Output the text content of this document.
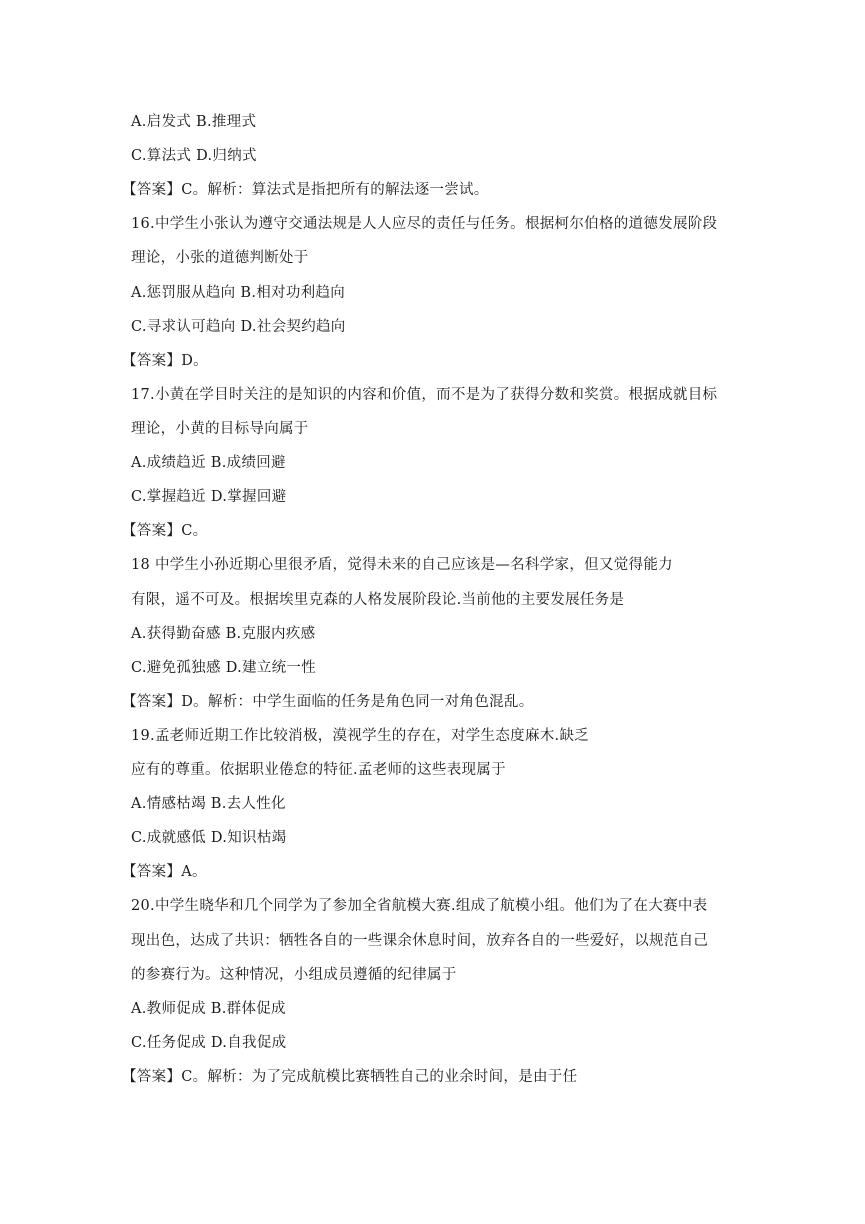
A.启发式 B.推理式
C.算法式 D.归纳式
【答案】C。解析：算法式是指把所有的解法逐一尝试。
16.中学生小张认为遵守交通法规是人人应尽的责任与任务。根据柯尔伯格的道德发展阶段
理论，小张的道德判断处于
A.惩罚服从趋向 B.相对功利趋向
C.寻求认可趋向 D.社会契约趋向
【答案】D。
17.小黄在学目时关注的是知识的内容和价值，而不是为了获得分数和奖赏。根据成就目标
理论，小黄的目标导向属于
A.成绩趋近 B.成绩回避
C.掌握趋近 D.掌握回避
【答案】C。
18 中学生小孙近期心里很矛盾，觉得未来的自己应该是—名科学家，但又觉得能力
有限，遥不可及。根据埃里克森的人格发展阶段论.当前他的主要发展任务是
A.获得勤奋感 B.克服内疚感
C.避免孤独感 D.建立统一性
【答案】D。解析：中学生面临的任务是角色同一对角色混乱。
19.孟老师近期工作比较消极，漠视学生的存在，对学生态度麻木.缺乏
应有的尊重。依据职业倦怠的特征.孟老师的这些表现属于
A.情感枯竭 B.去人性化
C.成就感低 D.知识枯竭
【答案】A。
20.中学生晓华和几个同学为了参加全省航模大赛.组成了航模小组。他们为了在大赛中表
现出色，达成了共识：牺牲各自的一些课余休息时间，放弃各自的一些爱好，以规范自己
的参赛行为。这种情况，小组成员遵循的纪律属于
A.教师促成 B.群体促成
C.任务促成 D.自我促成
【答案】C。解析：为了完成航模比赛牺牲自己的业余时间，是由于任
